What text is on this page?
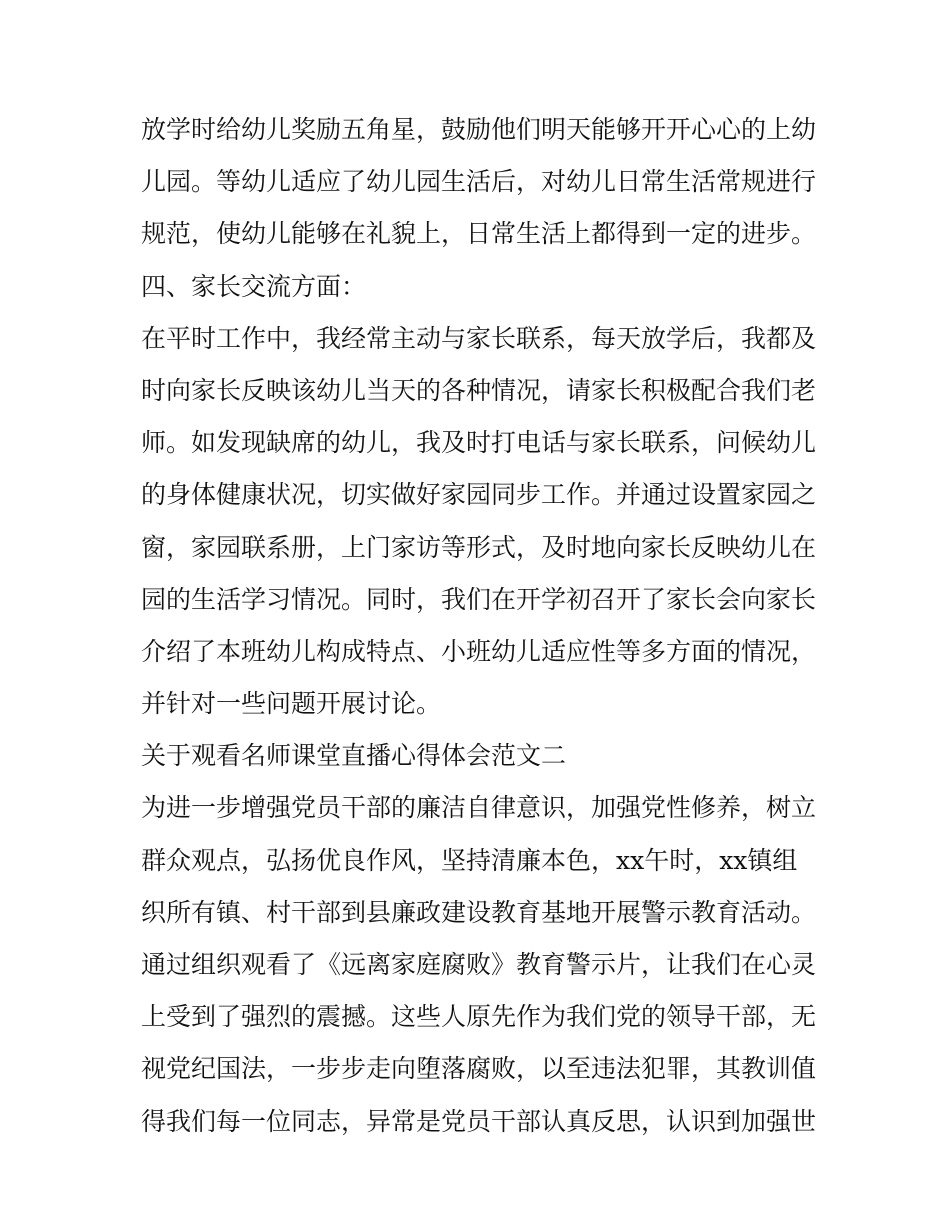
放学时给幼儿奖励五角星，鼓励他们明天能够开开心心的上幼
儿园。等幼儿适应了幼儿园生活后，对幼儿日常生活常规进行
规范，使幼儿能够在礼貌上，日常生活上都得到一定的进步。
四、家长交流方面：
在平时工作中，我经常主动与家长联系，每天放学后，我都及
时向家长反映该幼儿当天的各种情况，请家长积极配合我们老
师。如发现缺席的幼儿，我及时打电话与家长联系，问候幼儿
的身体健康状况，切实做好家园同步工作。并通过设置家园之
窗，家园联系册，上门家访等形式，及时地向家长反映幼儿在
园的生活学习情况。同时，我们在开学初召开了家长会向家长
介绍了本班幼儿构成特点、小班幼儿适应性等多方面的情况，
并针对一些问题开展讨论。
关于观看名师课堂直播心得体会范文二
为进一步增强党员干部的廉洁自律意识，加强党性修养，树立
群众观点，弘扬优良作风，坚持清廉本色，xx午时，xx镇组
织所有镇、村干部到县廉政建设教育基地开展警示教育活动。
通过组织观看了《远离家庭腐败》教育警示片，让我们在心灵
上受到了强烈的震撼。这些人原先作为我们党的领导干部，无
视党纪国法，一步步走向堕落腐败，以至违法犯罪，其教训值
得我们每一位同志，异常是党员干部认真反思，认识到加强世
